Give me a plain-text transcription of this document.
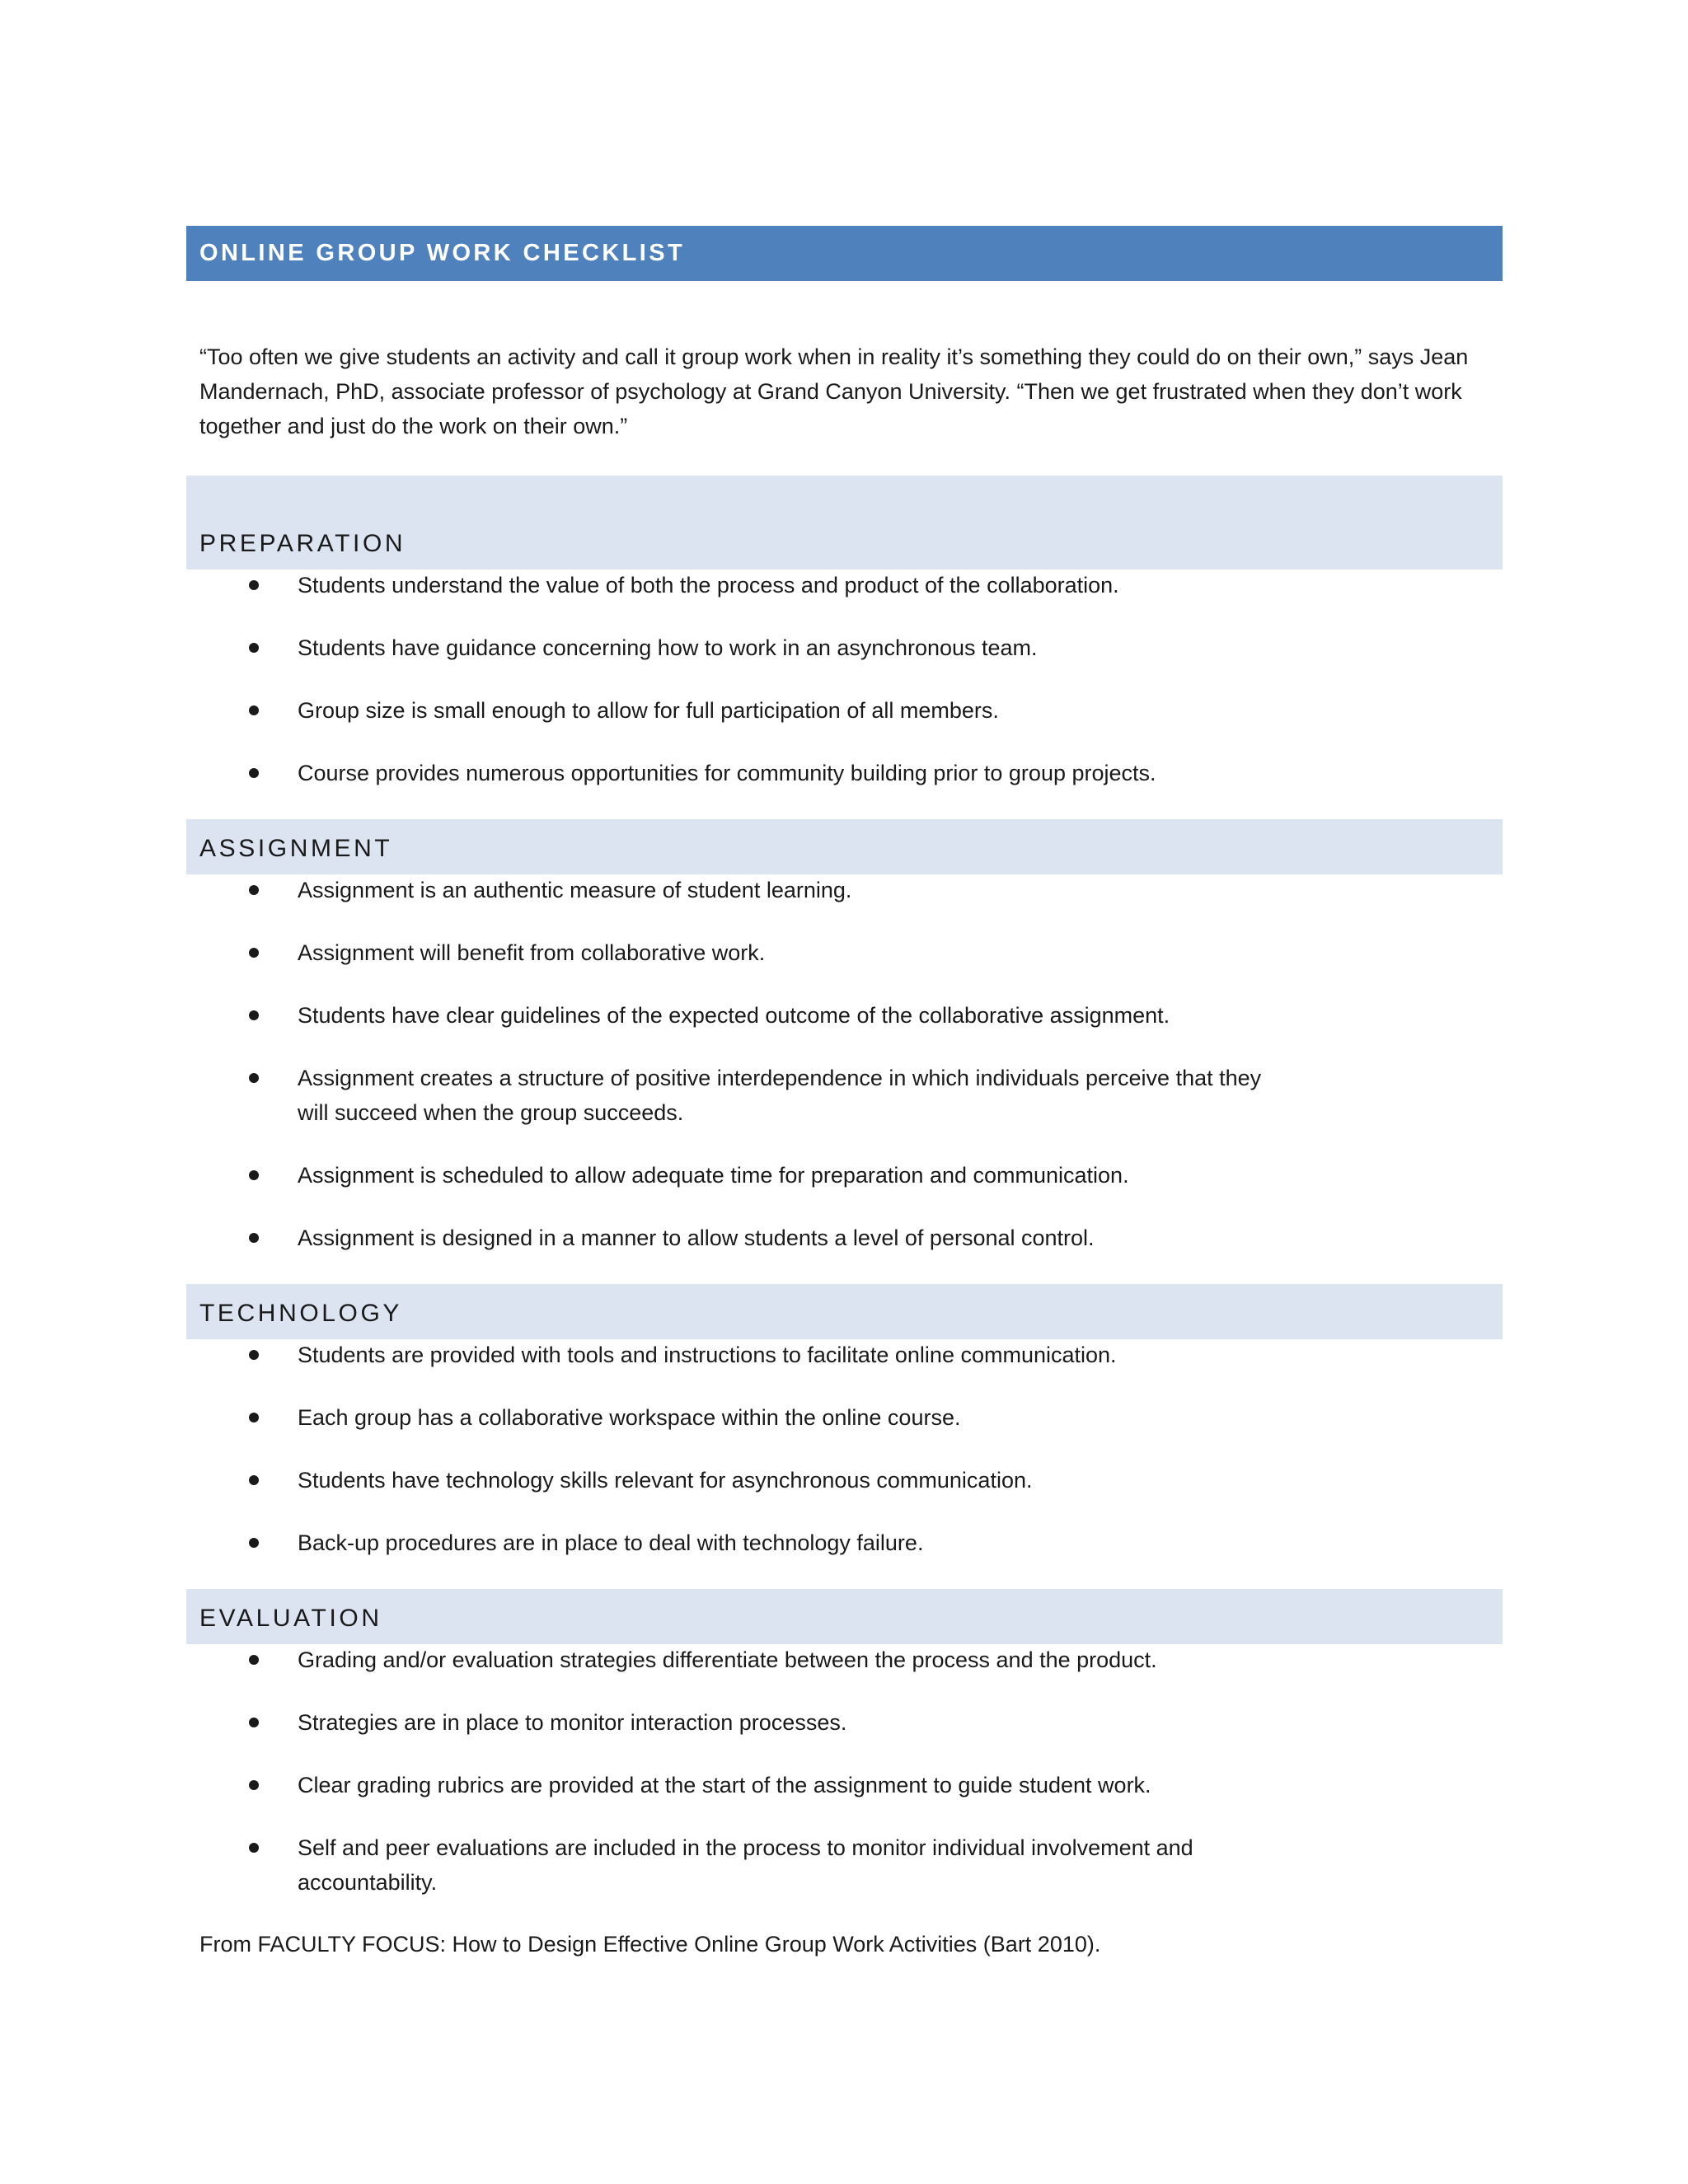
ONLINE GROUP WORK CHECKLIST

“Too often we give students an activity and call it group work when in reality it’s something they could do on their own,” says Jean Mandernach, PhD, associate professor of psychology at Grand Canyon University. “Then we get frustrated when they don’t work together and just do the work on their own.”

PREPARATION
Students understand the value of both the process and product of the collaboration.
Students have guidance concerning how to work in an asynchronous team.
Group size is small enough to allow for full participation of all members.
Course provides numerous opportunities for community building prior to group projects.
ASSIGNMENT
Assignment is an authentic measure of student learning.
Assignment will benefit from collaborative work.
Students have clear guidelines of the expected outcome of the collaborative assignment.
Assignment creates a structure of positive interdependence in which individuals perceive that they will succeed when the group succeeds.
Assignment is scheduled to allow adequate time for preparation and communication.
Assignment is designed in a manner to allow students a level of personal control.
TECHNOLOGY
Students are provided with tools and instructions to facilitate online communication.
Each group has a collaborative workspace within the online course.
Students have technology skills relevant for asynchronous communication.
Back-up procedures are in place to deal with technology failure.
EVALUATION
Grading and/or evaluation strategies differentiate between the process and the product.
Strategies are in place to monitor interaction processes.
Clear grading rubrics are provided at the start of the assignment to guide student work.
Self and peer evaluations are included in the process to monitor individual involvement and accountability.

From FACULTY FOCUS: How to Design Effective Online Group Work Activities (Bart 2010).
